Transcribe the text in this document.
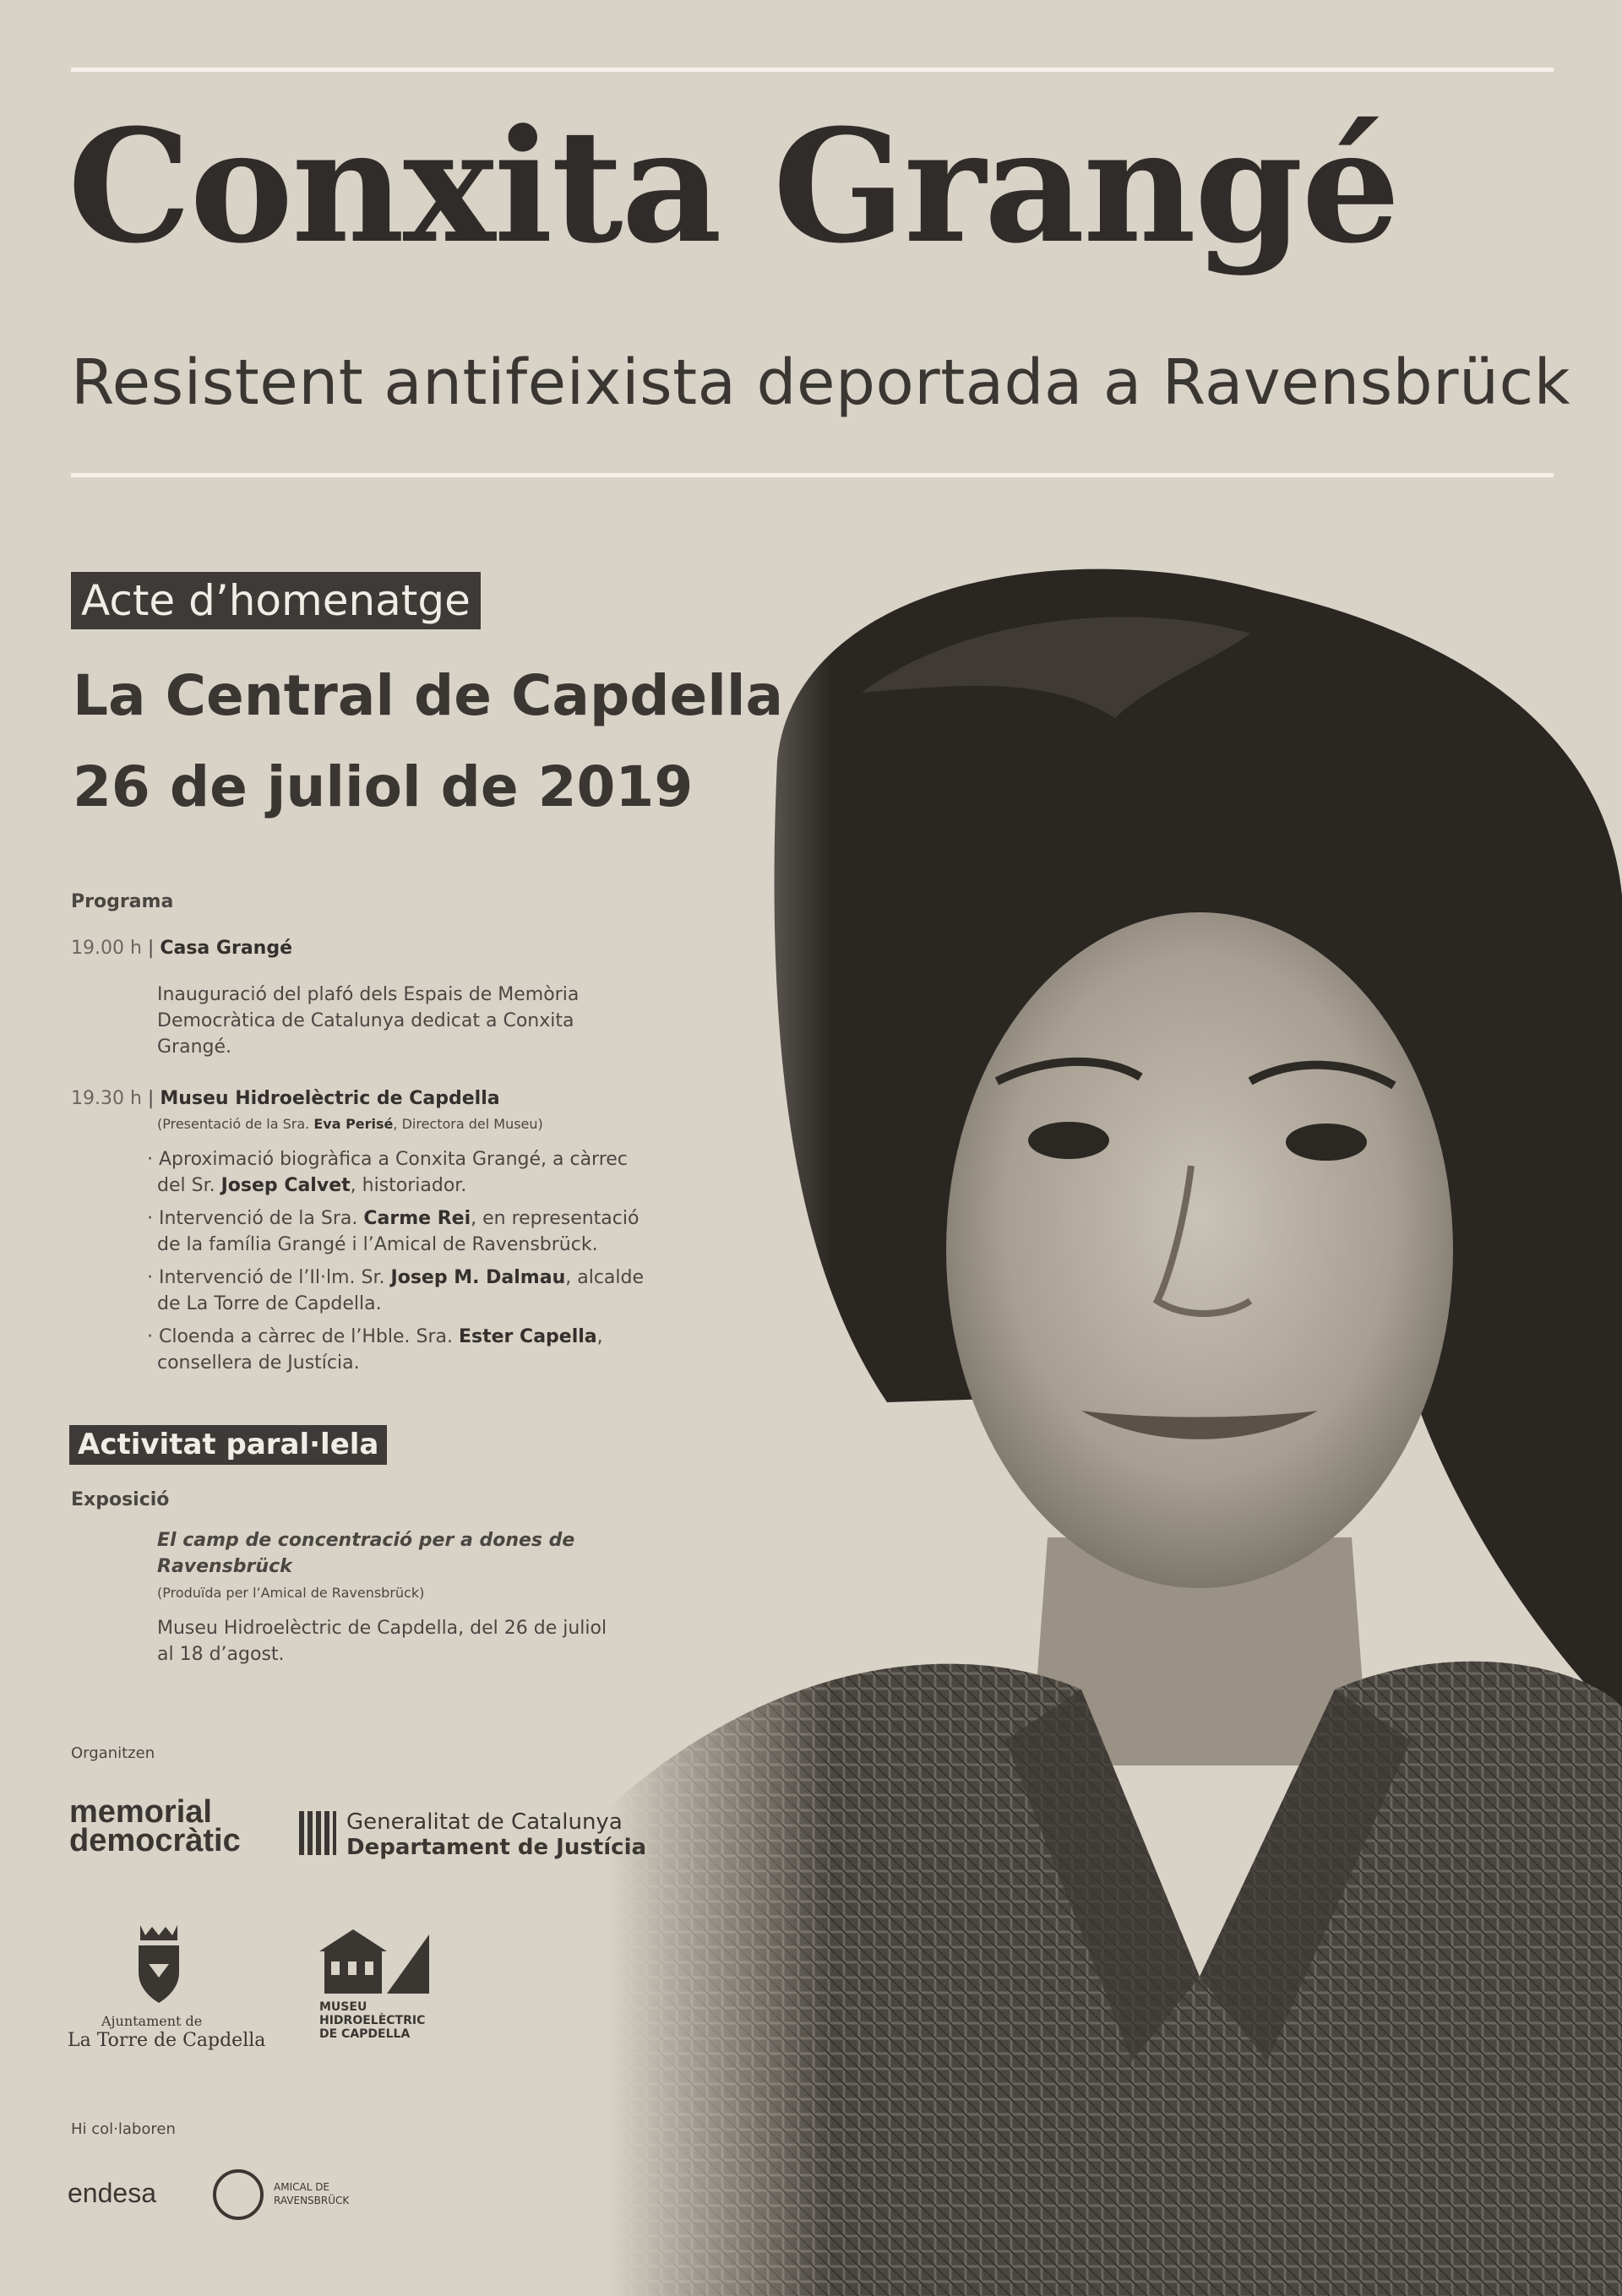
Conxita Grangé
Resistent antifeixista deportada a Ravensbrück
Acte d’homenatge
La Central de Capdella
26 de juliol de 2019
Programa
19.00 h | Casa Grangé
Inauguració del plafó dels Espais de Memòria
Democràtica de Catalunya dedicat a Conxita
Grangé.
19.30 h | Museu Hidroelèctric de Capdella
(Presentació de la Sra. Eva Perisé, Directora del Museu)
· Aproximació biogràfica a Conxita Grangé, a càrrec
del Sr. Josep Calvet, historiador.
· Intervenció de la Sra. Carme Rei, en representació
de la família Grangé i l’Amical de Ravensbrück.
· Intervenció de l’Il·lm. Sr. Josep M. Dalmau, alcalde
de La Torre de Capdella.
· Cloenda a càrrec de l’Hble. Sra. Ester Capella,
consellera de Justícia.
Activitat paral·lela
Exposició
El camp de concentració per a dones de
Ravensbrück
(Produïda per l’Amical de Ravensbrück)
Museu Hidroelèctric de Capdella, del 26 de juliol
al 18 d’agost.
Organitzen
memorial
democràtic
Generalitat de Catalunya
Departament de Justícia
Ajuntament de
La Torre de Capdella
MUSEU
HIDROELÈCTRIC
DE CAPDELLA
Hi col·laboren
endesa	AMICAL DE
RAVENSBRÜCK
